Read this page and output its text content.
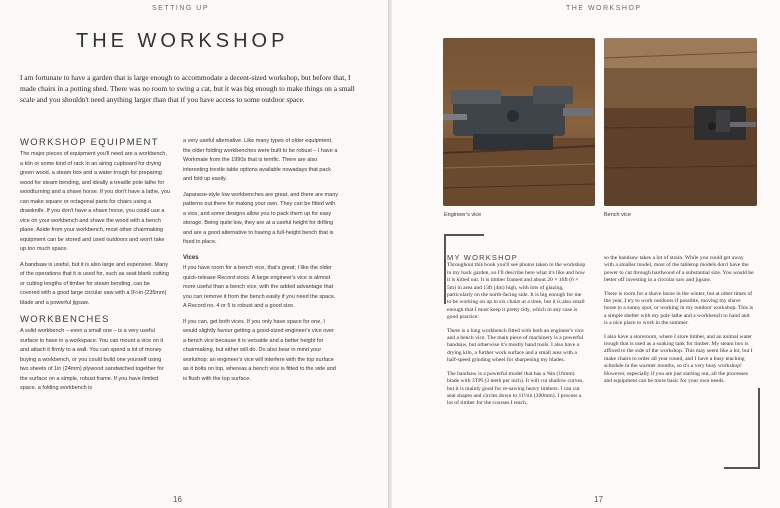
SETTING UP
THE WORKSHOP
I am fortunate to have a garden that is large enough to accommodate a decent-sized workshop, but before that, I made chairs in a potting shed. There was no room to swing a cat, but it was big enough to make things on a small scale and you shouldn't need anything larger than that if you have access to some outdoor space.
WORKSHOP EQUIPMENT
The major pieces of equipment you'll need are a workbench, a kiln or some kind of rack in an airing cupboard for drying green wood, a steam box and a water trough for preparing wood for steam bending, and ideally a treadle pole lathe for woodturning and a shave horse. If you don't have a lathe, you can make square or octagonal parts for chairs using a drawknife. If you don't have a shave horse, you could use a vice on your workbench and shave the wood with a bench plane. Aside from your workbench, most other chairmaking equipment can be stored and used outdoors and won't take up too much space.
A bandsaw is useful, but it is also large and expensive. Many of the operations that it is used for, such as seat blank cutting or cutting lengths of timber for steam bending, can be covered with a good large circular saw with a 9½in (235mm) blade and a powerful jigsaw.
WORKBENCHES
A solid workbench – even a small one – is a very useful surface to have in a workspace. You can mount a vice on it and attach it firmly to a wall. You can spend a lot of money buying a workbench, or you could build one yourself using two sheets of 1in (24mm) plywood sandwiched together for the surface on a simple, robust frame. If you have limited space, a folding workbench is
a very useful alternative. Like many types of older equipment, the older folding workbenches were built to be robust – I have a Workmate from the 1990s that is terrific. There are also interesting trestle table options available nowadays that pack and fold up easily.
Japanese-style low workbenches are great, and there are many patterns out there for making your own. They can be fitted with a vice, and some designs allow you to pack them up for easy storage. Being quite low, they are at a useful height for drilling and are a good alternative to having a full-height bench that is fixed in place.
Vices
If you have room for a bench vice, that's great; I like the older quick-release Record vices. A large engineer's vice is almost more useful than a bench vice, with the added advantage that you can remove it from the bench easily if you need the space. A Record no. 4 or 5 is robust and a good size.
If you can, get both vices. If you only have space for one, I would slightly favour getting a good-sized engineer's vice over a bench vice because it is versatile and a better height for chairmaking, but either will do. Do also bear in mind your workshop: an engineer's vice will interfere with the top surface as it bolts on top, whereas a bench vice is fitted to the side and is flush with the top surface.
16
THE WORKSHOP
Engineer's vice	Bench vice
MY WORKSHOP
Throughout this book you'll see photos taken in the workshop in my back garden, so I'll describe here what it's like and how it is kitted out. It is timber framed and about 20 × 16ft (6 × 5m) in area and 13ft (4m) high, with lots of glazing, particularly on the north-facing side. It is big enough for me to be working on up to six chairs at a time, but it is also small enough that I must keep it pretty tidy, which in any case is good practice.
There is a long workbench fitted with both an engineer's vice and a bench vice. The main piece of machinery is a powerful bandsaw, but otherwise it's mostly hand tools. I also have a drying kiln, a further work surface and a small area with a half-speed grinding wheel for sharpening my blades.
The bandsaw is a powerful model that has a ⅝in (16mm) blade with 3TPI (3 teeth per inch). It will cut shallow curves, but it is mainly good for re-sawing heavy timbers. I can cut seat shapes and circles down to 11½in (300mm). I process a lot of timber for the courses I teach,
so the bandsaw takes a lot of strain. While you could get away with a smaller model, most of the tabletop models don't have the power to cut through hardwood of a substantial size. You would be better off investing in a circular saw and jigsaw.
There is room for a shave horse in the winter, but at other times of the year, I try to work outdoors if possible, moving my shave horse to a sunny spot, or working in my outdoor workshop. This is a simple shelter with my pole lathe and a workbench to hand and is a nice place to work in the summer.
I also have a storeroom, where I store timber, and an animal water trough that is used as a soaking tank for timber. My steam box is affixed to the side of the workshop. This may seem like a lot, but I make chairs to order all year round, and I have a busy teaching schedule in the warmer months, so it's a very busy workshop! However, especially if you are just starting out, all the processes and equipment can be more basic for your own needs.
17
